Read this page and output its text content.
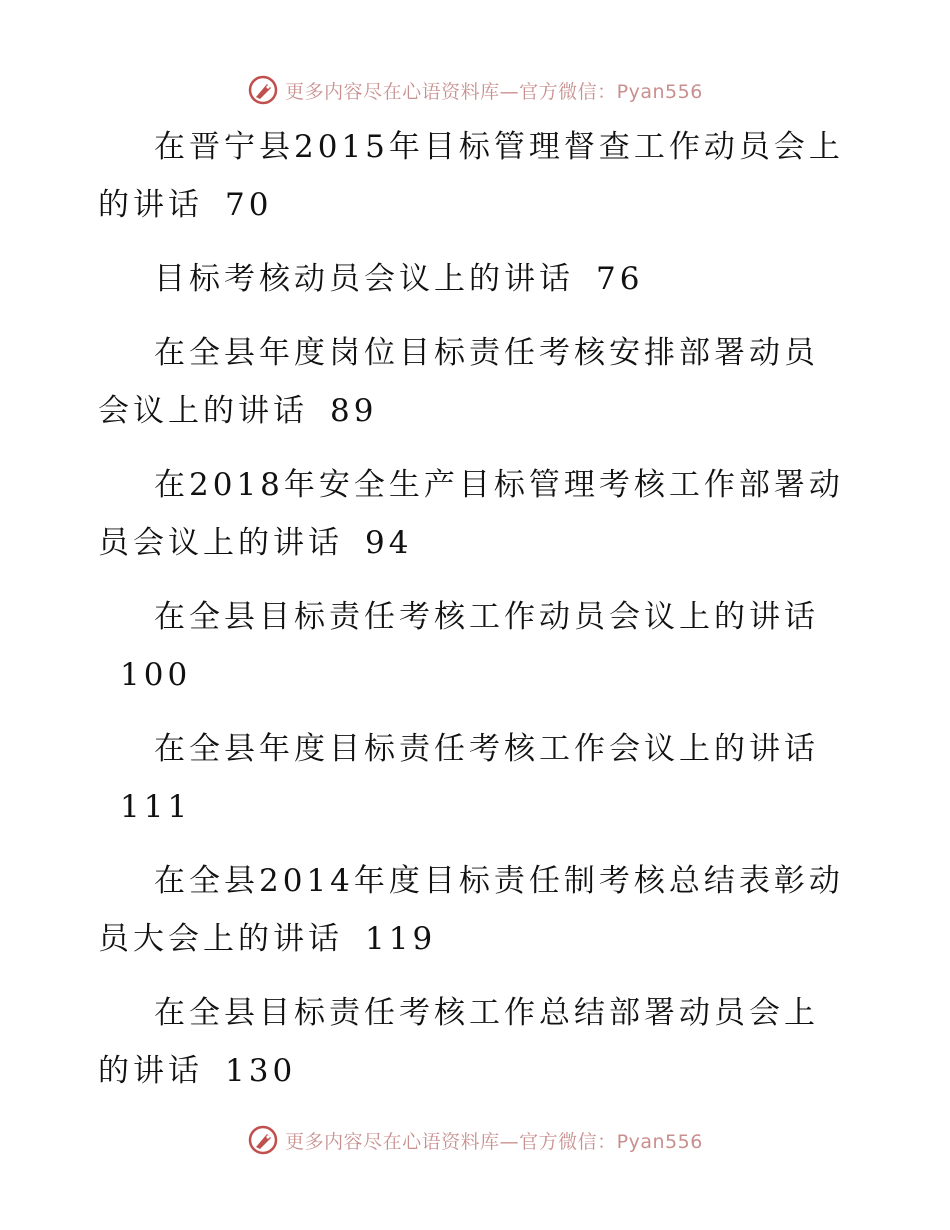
更多内容尽在心语资料库—官方微信：Pyan556

在晋宁县2015年目标管理督查工作动员会上的讲话 70

目标考核动员会议上的讲话 76

在全县年度岗位目标责任考核安排部署动员会议上的讲话 89

在2018年安全生产目标管理考核工作部署动员会议上的讲话 94

在全县目标责任考核工作动员会议上的讲话100

在全县年度目标责任考核工作会议上的讲话111

在全县2014年度目标责任制考核总结表彰动员大会上的讲话 119

在全县目标责任考核工作总结部署动员会上的讲话 130

更多内容尽在心语资料库—官方微信：Pyan556
